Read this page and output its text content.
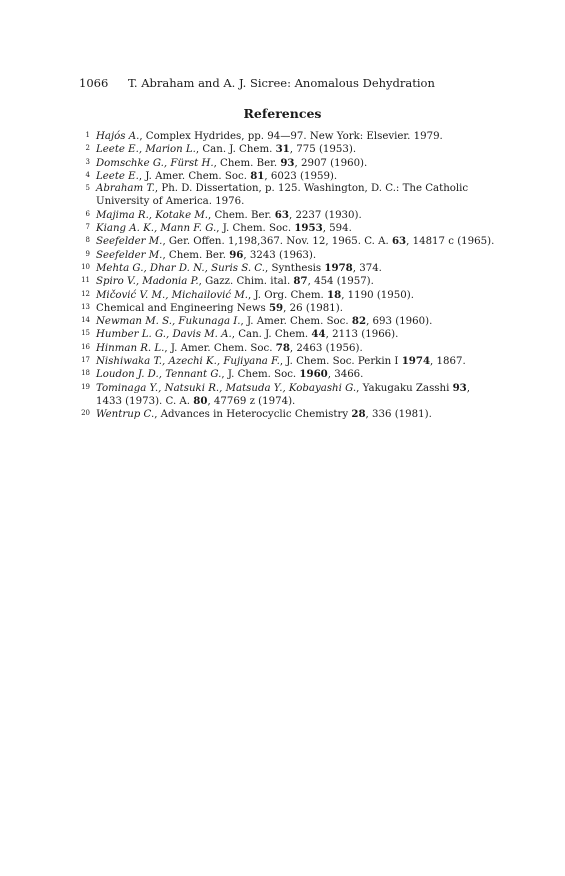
1066 T. Abraham and A. J. Sicree: Anomalous Dehydration
References
1 Hajós A., Complex Hydrides, pp. 94—97. New York: Elsevier. 1979.
2 Leete E., Marion L., Can. J. Chem. 31, 775 (1953).
3 Domschke G., Fürst H., Chem. Ber. 93, 2907 (1960).
4 Leete E., J. Amer. Chem. Soc. 81, 6023 (1959).
5 Abraham T., Ph. D. Dissertation, p. 125. Washington, D. C.: The Catholic University of America. 1976.
6 Majima R., Kotake M., Chem. Ber. 63, 2237 (1930).
7 Kiang A. K., Mann F. G., J. Chem. Soc. 1953, 594.
8 Seefelder M., Ger. Offen. 1,198,367. Nov. 12, 1965. C. A. 63, 14817 c (1965).
9 Seefelder M., Chem. Ber. 96, 3243 (1963).
10 Mehta G., Dhar D. N., Suris S. C., Synthesis 1978, 374.
11 Spiro V., Madonia P., Gazz. Chim. ital. 87, 454 (1957).
12 Mičović V. M., Michailović M., J. Org. Chem. 18, 1190 (1950).
13 Chemical and Engineering News 59, 26 (1981).
14 Newman M. S., Fukunaga I., J. Amer. Chem. Soc. 82, 693 (1960).
15 Humber L. G., Davis M. A., Can. J. Chem. 44, 2113 (1966).
16 Hinman R. L., J. Amer. Chem. Soc. 78, 2463 (1956).
17 Nishiwaka T., Azechi K., Fujiyana F., J. Chem. Soc. Perkin I 1974, 1867.
18 Loudon J. D., Tennant G., J. Chem. Soc. 1960, 3466.
19 Tominaga Y., Natsuki R., Matsuda Y., Kobayashi G., Yakugaku Zasshi 93, 1433 (1973). C. A. 80, 47769 z (1974).
20 Wentrup C., Advances in Heterocyclic Chemistry 28, 336 (1981).
